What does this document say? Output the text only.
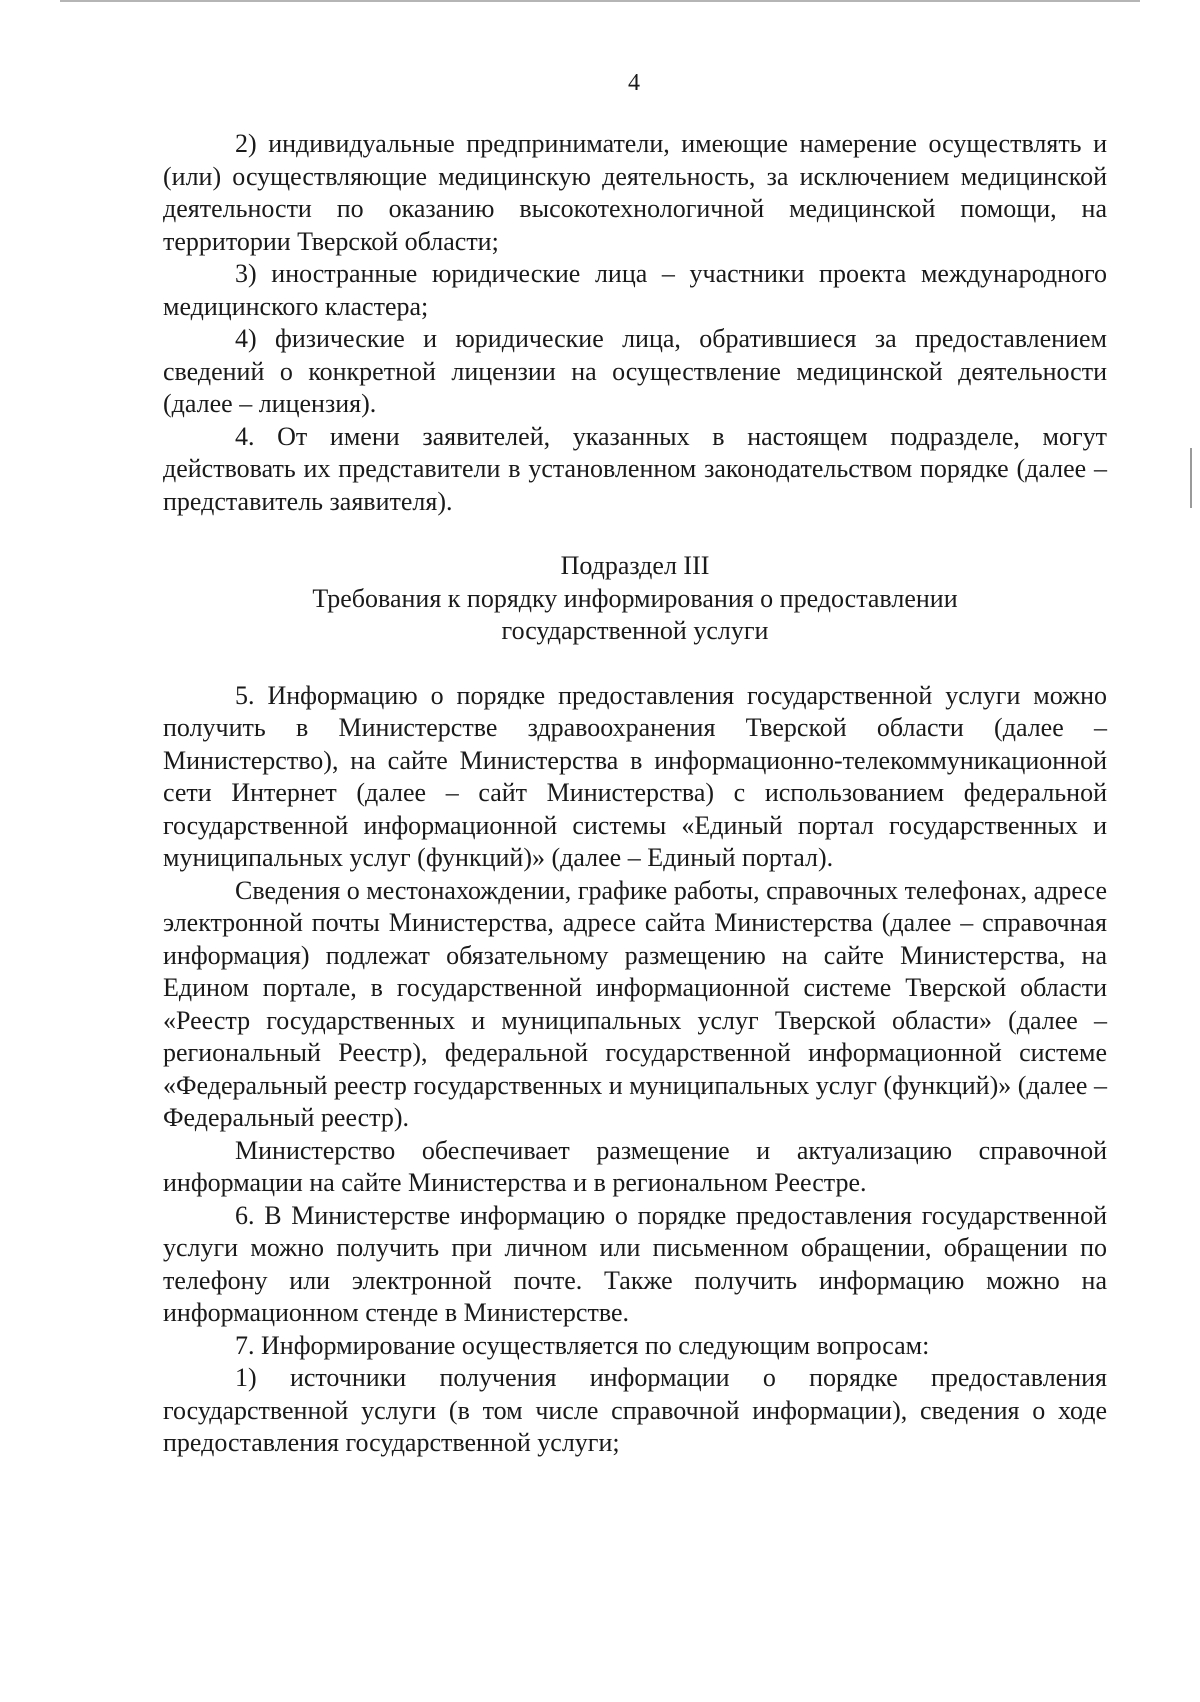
4

2) индивидуальные предприниматели, имеющие намерение осуществлять и (или) осуществляющие медицинскую деятельность, за исключением медицинской деятельности по оказанию высокотехнологичной медицинской помощи, на территории Тверской области;

3) иностранные юридические лица – участники проекта международного медицинского кластера;

4) физические и юридические лица, обратившиеся за предоставлением сведений о конкретной лицензии на осуществление медицинской деятельности (далее – лицензия).

4. От имени заявителей, указанных в настоящем подразделе, могут действовать их представители в установленном законодательством порядке (далее – представитель заявителя).

Подраздел III

Требования к порядку информирования о предоставлении

государственной услуги

5. Информацию о порядке предоставления государственной услуги можно получить в Министерстве здравоохранения Тверской области (далее – Министерство), на сайте Министерства в информационно-телекоммуникационной сети Интернет (далее – сайт Министерства) с использованием федеральной государственной информационной системы «Единый портал государственных и муниципальных услуг (функций)» (далее – Единый портал).

Сведения о местонахождении, графике работы, справочных телефонах, адресе электронной почты Министерства, адресе сайта Министерства (далее – справочная информация) подлежат обязательному размещению на сайте Министерства, на Едином портале, в государственной информационной системе Тверской области «Реестр государственных и муниципальных услуг Тверской области» (далее – региональный Реестр), федеральной государственной информационной системе «Федеральный реестр государственных и муниципальных услуг (функций)» (далее – Федеральный реестр).

Министерство обеспечивает размещение и актуализацию справочной информации на сайте Министерства и в региональном Реестре.

6. В Министерстве информацию о порядке предоставления государственной услуги можно получить при личном или письменном обращении, обращении по телефону или электронной почте. Также получить информацию можно на информационном стенде в Министерстве.

7. Информирование осуществляется по следующим вопросам:

1) источники получения информации о порядке предоставления государственной услуги (в том числе справочной информации), сведения о ходе предоставления государственной услуги;
